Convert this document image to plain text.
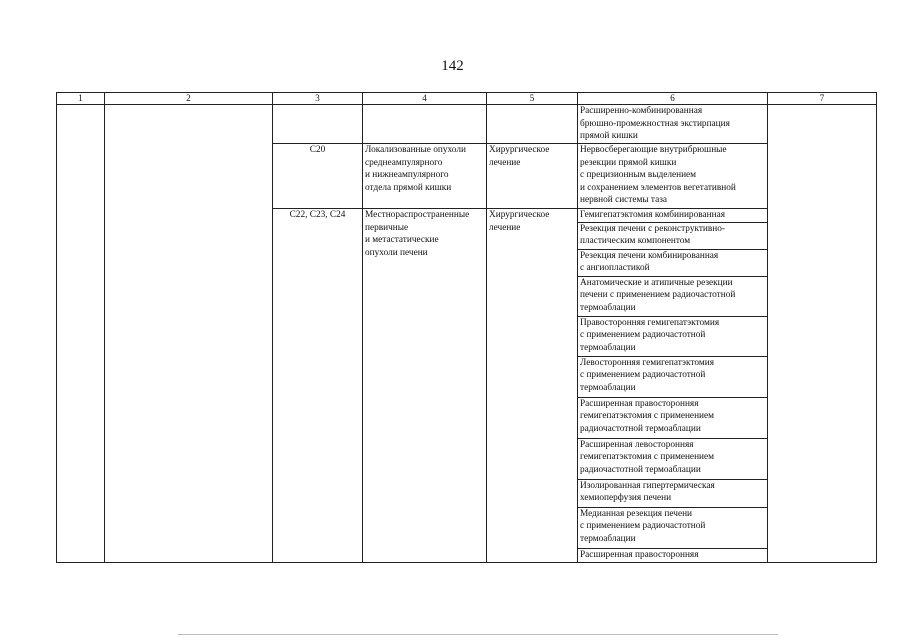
142
1	2	3	4	5	6	7
					Расширенно-комбинированная
брюшно-промежностная экстирпация
прямой кишки	
		C20	Локализованные опухоли
среднеампулярного
и нижнеампулярного
отдела прямой кишки	Хирургическое
лечение	Нервосберегающие внутрибрюшные
резекции прямой кишки
с прецизионным выделением
и сохранением элементов вегетативной
нервной системы таза	
		C22, C23, C24	Местнораспространенные
первичные
и метастатические
опухоли печени	Хирургическое
лечение	Гемигепатэктомия комбинированная	
					Резекция печени с реконструктивно-
пластическим компонентом	
					Резекция печени комбинированная
с ангиопластикой	
					Анатомические и атипичные резекции
печени с применением радиочастотной
термоаблации	
					Правосторонняя гемигепатэктомия
с применением радиочастотной
термоаблации	
					Левосторонняя гемигепатэктомия
с применением радиочастотной
термоаблации	
					Расширенная правосторонняя
гемигепатэктомия с применением
радиочастотной термоаблации	
					Расширенная левосторонняя
гемигепатэктомия с применением
радиочастотной термоаблации	
					Изолированная гипертермическая
хемиоперфузия печени	
					Медианная резекция печени
с применением радиочастотной
термоаблации	
					Расширенная правосторонняя	
